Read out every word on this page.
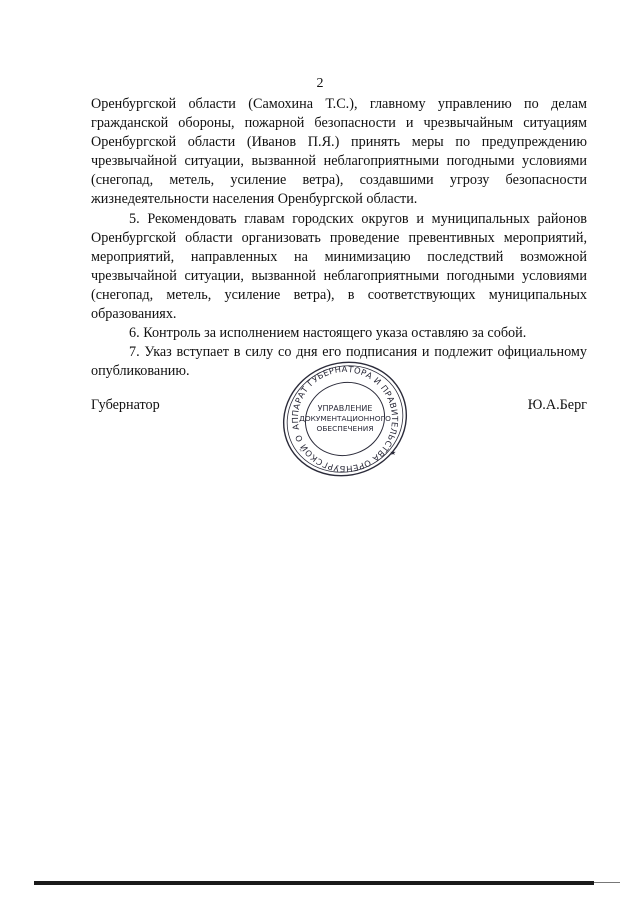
2

Оренбургской области (Самохина Т.С.), главному управлению по делам гражданской обороны, пожарной безопасности и чрезвычайным ситуациям Оренбургской области (Иванов П.Я.) принять меры по предупреждению чрезвычайной ситуации, вызванной неблагоприятными погодными условиями (снегопад, метель, усиление ветра), создавшими угрозу безопасности жизнедеятельности населения Оренбургской области.

5. Рекомендовать главам городских округов и муниципальных районов Оренбургской области организовать проведение превентивных мероприятий, мероприятий, направленных на минимизацию последствий возможной чрезвычайной ситуации, вызванной неблагоприятными погодными условиями (снегопад, метель, усиление ветра), в соответствующих муниципальных образованиях.

6. Контроль за исполнением настоящего указа оставляю за собой.

7. Указ вступает в силу со дня его подписания и подлежит официальному опубликованию.

Губернатор	Ю.А.Берг
АППАРАТ ГУБЕРНАТОРА И ПРАВИТЕЛЬСТВА ОРЕНБУРГСКОЙ ОБЛАСТИ
★
УПРАВЛЕНИЕ
ДОКУМЕНТАЦИОННОГО
ОБЕСПЕЧЕНИЯ
